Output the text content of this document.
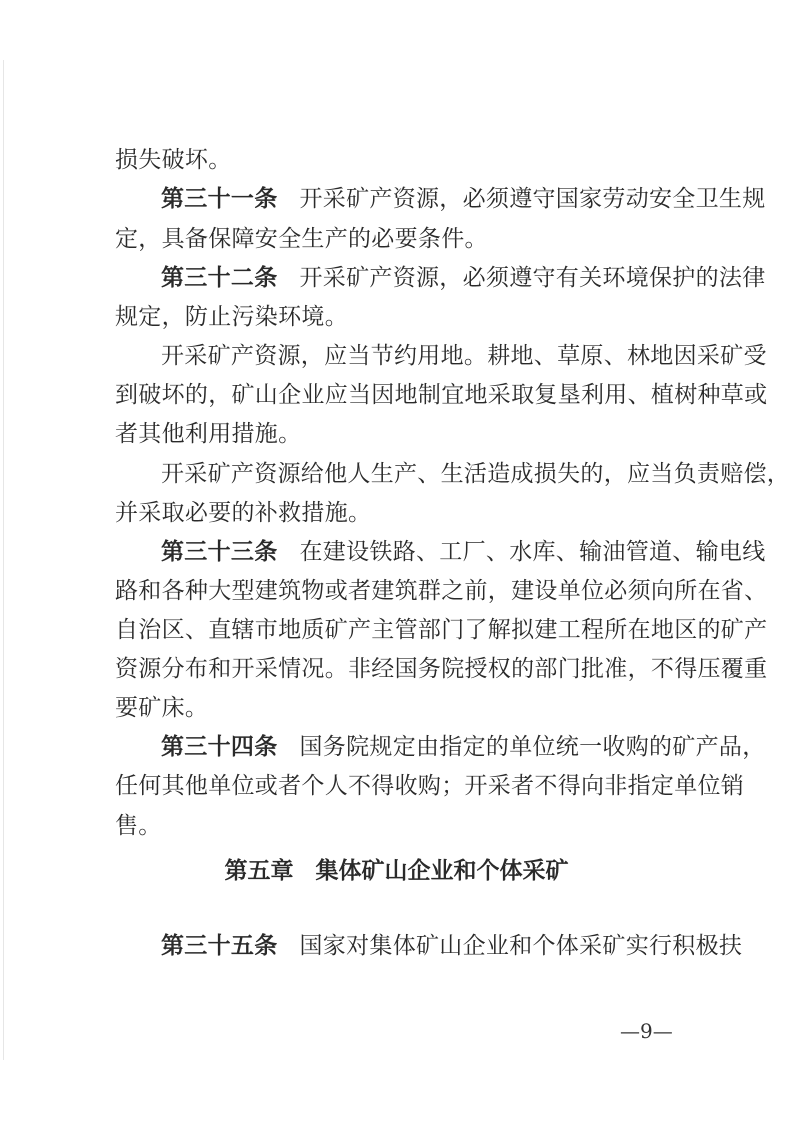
损失破坏。
第三十一条 开采矿产资源，必须遵守国家劳动安全卫生规
定，具备保障安全生产的必要条件。
第三十二条 开采矿产资源，必须遵守有关环境保护的法律
规定，防止污染环境。
开采矿产资源，应当节约用地。耕地、草原、林地因采矿受
到破坏的，矿山企业应当因地制宜地采取复垦利用、植树种草或
者其他利用措施。
开采矿产资源给他人生产、生活造成损失的，应当负责赔偿，
并采取必要的补救措施。
第三十三条 在建设铁路、工厂、水库、输油管道、输电线
路和各种大型建筑物或者建筑群之前，建设单位必须向所在省、
自治区、直辖市地质矿产主管部门了解拟建工程所在地区的矿产
资源分布和开采情况。非经国务院授权的部门批准，不得压覆重
要矿床。
第三十四条 国务院规定由指定的单位统一收购的矿产品，
任何其他单位或者个人不得收购；开采者不得向非指定单位销
售。
第五章 集体矿山企业和个体采矿
第三十五条 国家对集体矿山企业和个体采矿实行积极扶
—9—
